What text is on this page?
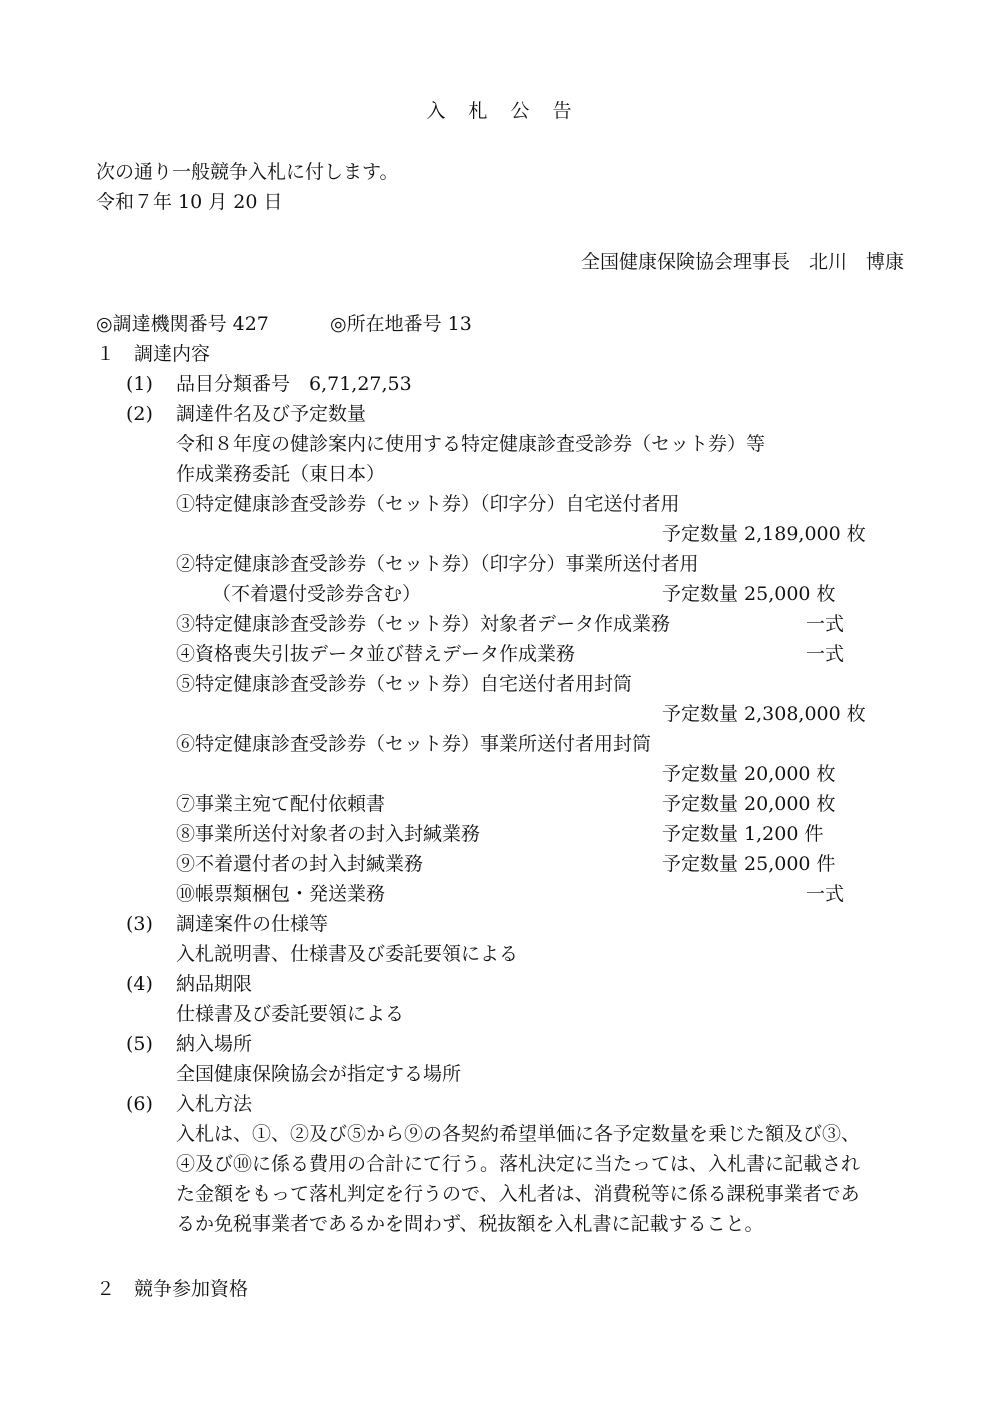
入　札　公　告
次の通り一般競争入札に付します。
令和７年 10 月 20 日
全国健康保険協会理事長　北川　博康
◎調達機関番号 427	◎所在地番号 13
１　調達内容
(1) 品目分類番号　6,71,27,53
(2) 調達件名及び予定数量
令和８年度の健診案内に使用する特定健康診査受診券（セット券）等
作成業務委託（東日本）
①特定健康診査受診券（セット券）（印字分）自宅送付者用
予定数量 2,189,000 枚
②特定健康診査受診券（セット券）（印字分）事業所送付者用
（不着還付受診券含む）	予定数量 25,000 枚
③特定健康診査受診券（セット券）対象者データ作成業務	一式
④資格喪失引抜データ並び替えデータ作成業務	一式
⑤特定健康診査受診券（セット券）自宅送付者用封筒
予定数量 2,308,000 枚
⑥特定健康診査受診券（セット券）事業所送付者用封筒
予定数量 20,000 枚
⑦事業主宛て配付依頼書	予定数量 20,000 枚
⑧事業所送付対象者の封入封緘業務	予定数量 1,200 件
⑨不着還付者の封入封緘業務	予定数量 25,000 件
⑩帳票類梱包・発送業務	一式
(3) 調達案件の仕様等
入札説明書、仕様書及び委託要領による
(4) 納品期限
仕様書及び委託要領による
(5) 納入場所
全国健康保険協会が指定する場所
(6) 入札方法
入札は、①、②及び⑤から⑨の各契約希望単価に各予定数量を乗じた額及び③、
④及び⑩に係る費用の合計にて行う。落札決定に当たっては、入札書に記載され
た金額をもって落札判定を行うので、入札者は、消費税等に係る課税事業者であ
るか免税事業者であるかを問わず、税抜額を入札書に記載すること。
２　競争参加資格
